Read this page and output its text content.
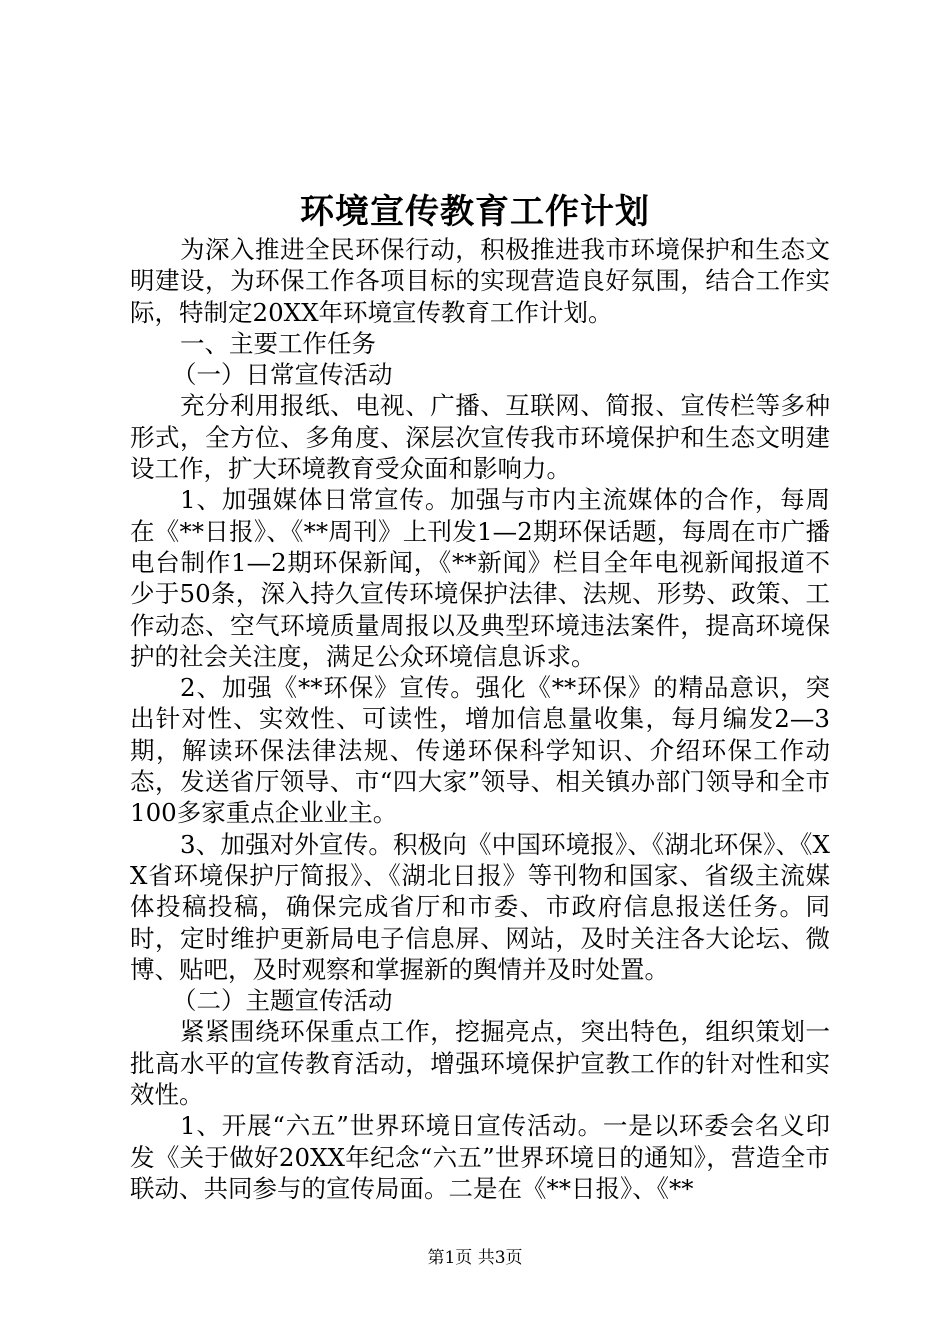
环境宣传教育工作计划

为深入推进全民环保行动，积极推进我市环境保护和生态文明建设，为环保工作各项目标的实现营造良好氛围，结合工作实际，特制定20XX年环境宣传教育工作计划。

一、主要工作任务

（一）日常宣传活动

充分利用报纸、电视、广播、互联网、简报、宣传栏等多种形式，全方位、多角度、深层次宣传我市环境保护和生态文明建设工作，扩大环境教育受众面和影响力。

1、加强媒体日常宣传。加强与市内主流媒体的合作，每周在《**日报》、《**周刊》上刊发1—2期环保话题，每周在市广播电台制作1—2期环保新闻，《**新闻》栏目全年电视新闻报道不少于50条，深入持久宣传环境保护法律、法规、形势、政策、工作动态、空气环境质量周报以及典型环境违法案件，提高环境保护的社会关注度，满足公众环境信息诉求。

2、加强《**环保》宣传。强化《**环保》的精品意识，突出针对性、实效性、可读性，增加信息量收集，每月编发2—3期，解读环保法律法规、传递环保科学知识、介绍环保工作动态，发送省厅领导、市“四大家”领导、相关镇办部门领导和全市100多家重点企业业主。

3、加强对外宣传。积极向《中国环境报》、《湖北环保》、《XX省环境保护厅简报》、《湖北日报》等刊物和国家、省级主流媒体投稿投稿，确保完成省厅和市委、市政府信息报送任务。同时，定时维护更新局电子信息屏、网站，及时关注各大论坛、微博、贴吧，及时观察和掌握新的舆情并及时处置。

（二）主题宣传活动

紧紧围绕环保重点工作，挖掘亮点，突出特色，组织策划一批高水平的宣传教育活动，增强环境保护宣教工作的针对性和实效性。

1、开展“六五”世界环境日宣传活动。一是以环委会名义印发《关于做好20XX年纪念“六五”世界环境日的通知》，营造全市联动、共同参与的宣传局面。二是在《**日报》、《**

第1页 共3页
